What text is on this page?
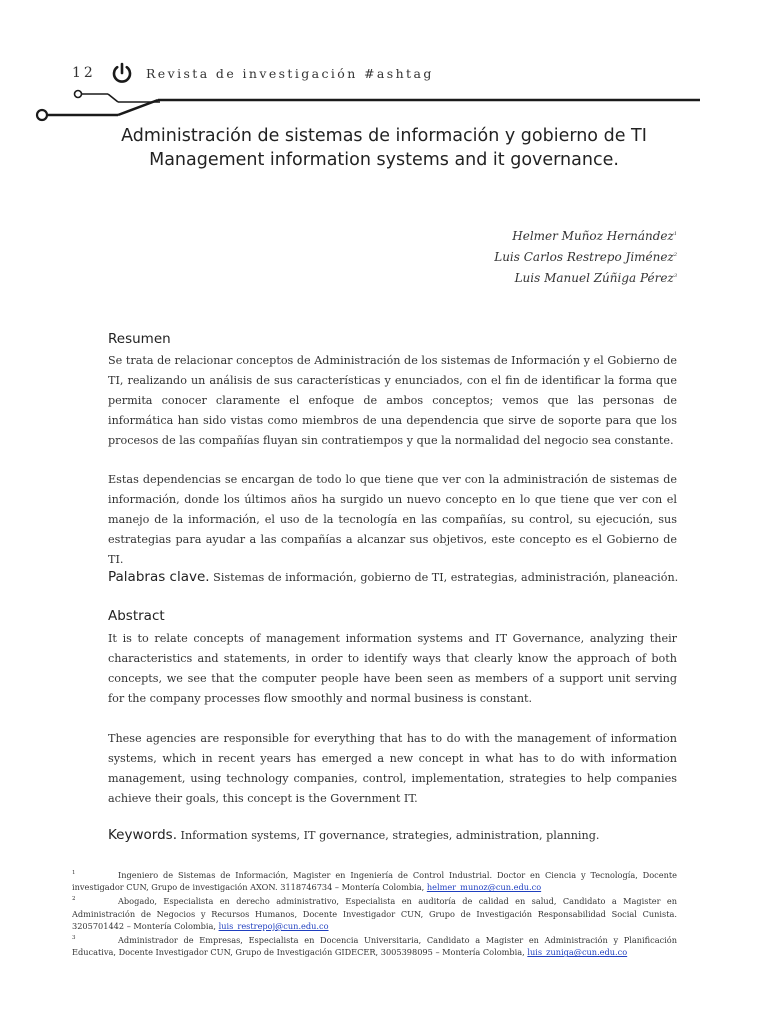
12	Revista de investigación #ashtag
Administración de sistemas de información y gobierno de TI
Management information systems and it governance.
Helmer Muñoz Hernández$^1$
Luis Carlos Restrepo Jiménez$^2$
Luis Manuel Zúñiga Pérez$^3$
Resumen
Se trata de relacionar conceptos de Administración de los sistemas de Información y el Gobierno de TI, realizando un análisis de sus características y enunciados, con el fin de identificar la forma que permita conocer claramente el enfoque de ambos conceptos; vemos que las personas de informática han sido vistas como miembros de una dependencia que sirve de soporte para que los procesos de las compañías fluyan sin contratiempos y que la normalidad del negocio sea constante.
Estas dependencias se encargan de todo lo que tiene que ver con la administración de sistemas de información, donde los últimos años ha surgido un nuevo concepto en lo que tiene que ver con el manejo de la información, el uso de la tecnología en las compañías, su control, su ejecución, sus estrategias para ayudar a las compañías a alcanzar sus objetivos, este concepto es el Gobierno de TI.
Palabras clave. Sistemas de información, gobierno de TI, estrategias, administración, planeación.
Abstract
It is to relate concepts of management information systems and IT Governance, analyzing their characteristics and statements, in order to identify ways that clearly know the approach of both concepts, we see that the computer people have been seen as members of a support unit serving for the company processes flow smoothly and normal business is constant.
These agencies are responsible for everything that has to do with the management of information systems, which in recent years has emerged a new concept in what has to do with information management, using technology companies, control, implementation, strategies to help companies achieve their goals, this concept is the Government IT.
Keywords. Information systems, IT governance, strategies, administration, planning.
1	Ingeniero de Sistemas de Información, Magister en Ingeniería de Control Industrial. Doctor en Ciencia y Tecnología, Docente investigador CUN, Grupo de investigación AXON. 3118746734 – Montería Colombia, helmer_munoz@cun.edu.co
2	Abogado, Especialista en derecho administrativo, Especialista en auditoría de calidad en salud, Candidato a Magister en Administración de Negocios y Recursos Humanos, Docente Investigador CUN, Grupo de Investigación Responsabilidad Social Cunista. 3205701442 – Montería Colombia, luis_restrepoj@cun.edu.co
3	Administrador de Empresas, Especialista en Docencia Universitaria, Candidato a Magister en Administración y Planificación Educativa, Docente Investigador CUN, Grupo de Investigación GIDECER, 3005398095 – Montería Colombia, luis_zuniga@cun.edu.co
